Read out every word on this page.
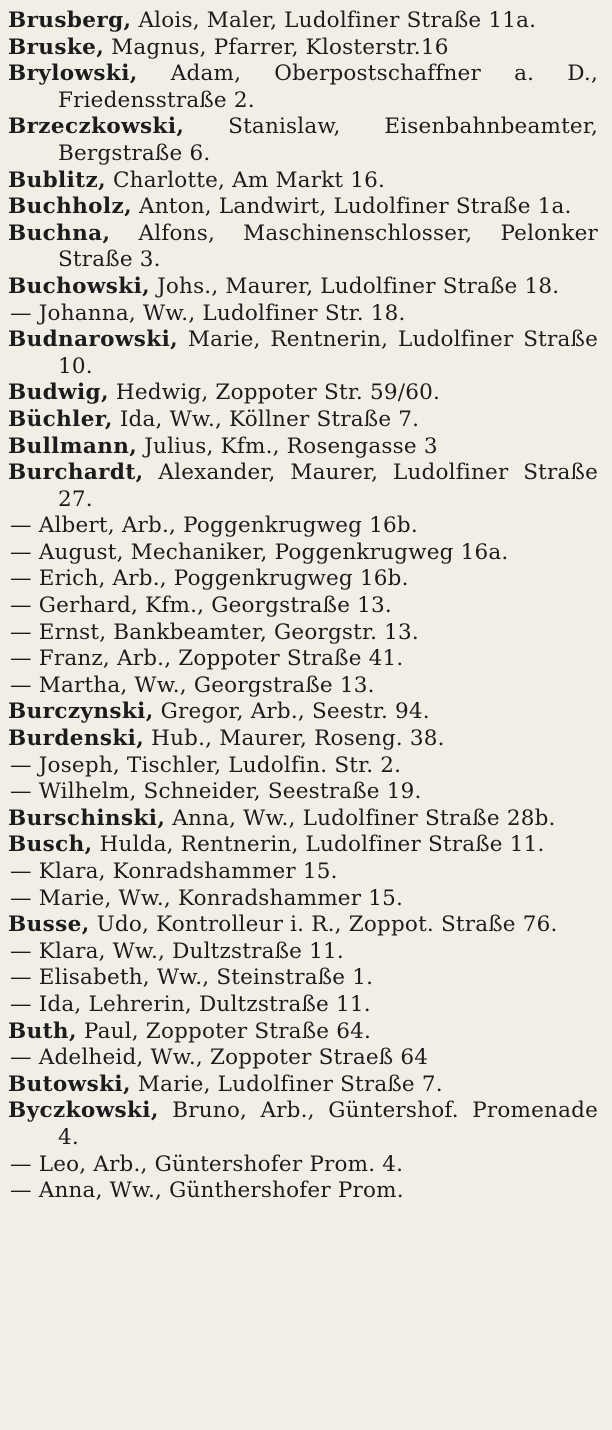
Brusberg, Alois, Maler, Ludolfiner Straße 11a.
Bruske, Magnus, Pfarrer, Klosterstr.16
Brylowski, Adam, Oberpostschaffner a. D., Friedensstraße 2.
Brzeczkowski, Stanislaw, Eisenbahnbeamter, Bergstraße 6.
Bublitz, Charlotte, Am Markt 16.
Buchholz, Anton, Landwirt, Ludolfiner Straße 1a.
Buchna, Alfons, Maschinenschlosser, Pelonker Straße 3.
Buchowski, Johs., Maurer, Ludolfiner Straße 18.
— Johanna, Ww., Ludolfiner Str. 18.
Budnarowski, Marie, Rentnerin, Ludolfiner Straße 10.
Budwig, Hedwig, Zoppoter Str. 59/60.
Büchler, Ida, Ww., Köllner Straße 7.
Bullmann, Julius, Kfm., Rosengasse 3
Burchardt, Alexander, Maurer, Ludolfiner Straße 27.
— Albert, Arb., Poggenkrugweg 16b.
— August, Mechaniker, Poggenkrugweg 16a.
— Erich, Arb., Poggenkrugweg 16b.
— Gerhard, Kfm., Georgstraße 13.
— Ernst, Bankbeamter, Georgstr. 13.
— Franz, Arb., Zoppoter Straße 41.
— Martha, Ww., Georgstraße 13.
Burczynski, Gregor, Arb., Seestr. 94.
Burdenski, Hub., Maurer, Roseng. 38.
— Joseph, Tischler, Ludolfin. Str. 2.
— Wilhelm, Schneider, Seestraße 19.
Burschinski, Anna, Ww., Ludolfiner Straße 28b.
Busch, Hulda, Rentnerin, Ludolfiner Straße 11.
— Klara, Konradshammer 15.
— Marie, Ww., Konradshammer 15.
Busse, Udo, Kontrolleur i. R., Zoppot. Straße 76.
— Klara, Ww., Dultzstraße 11.
— Elisabeth, Ww., Steinstraße 1.
— Ida, Lehrerin, Dultzstraße 11.
Buth, Paul, Zoppoter Straße 64.
— Adelheid, Ww., Zoppoter Straeß 64
Butowski, Marie, Ludolfiner Straße 7.
Byczkowski, Bruno, Arb., Güntershof. Promenade 4.
— Leo, Arb., Güntershofer Prom. 4.
— Anna, Ww., Günthershofer Prom.
